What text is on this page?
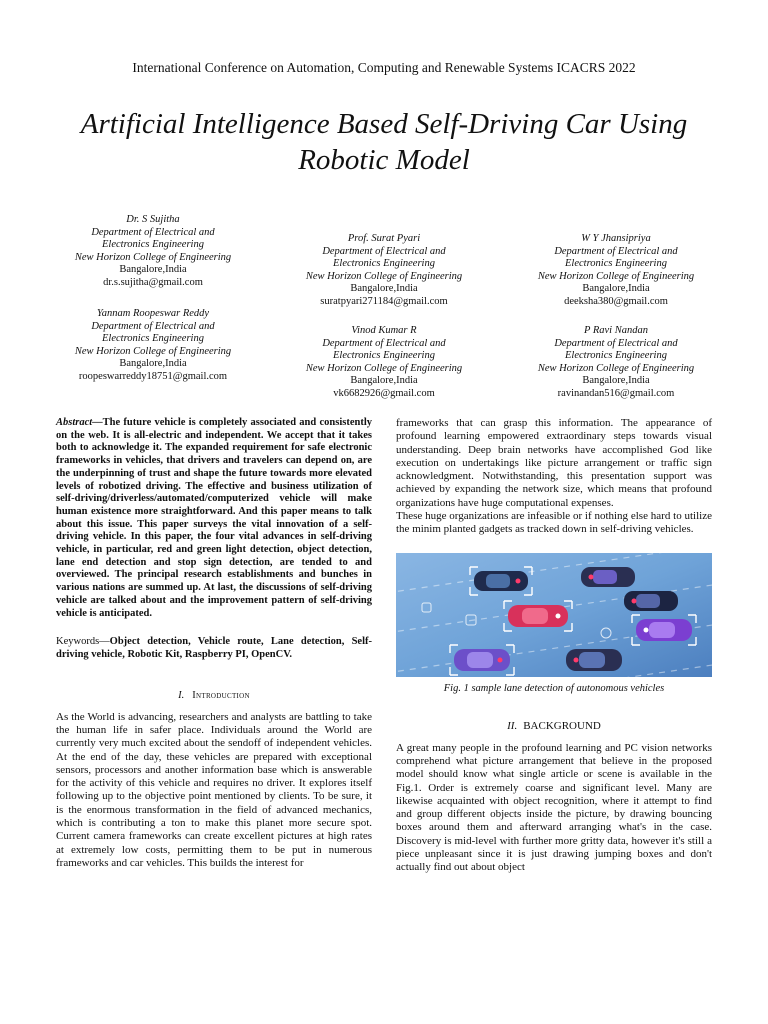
International Conference on Automation, Computing and Renewable Systems ICACRS 2022
Artificial Intelligence Based Self-Driving Car Using Robotic Model
Dr. S Sujitha
Department of Electrical and
Electronics Engineering
New Horizon College of Engineering
Bangalore,India
dr.s.sujitha@gmail.com
Yannam Roopeswar Reddy
Department of Electrical and
Electronics Engineering
New Horizon College of Engineering
Bangalore,India
roopeswarreddy18751@gmail.com
Prof. Surat Pyari
Department of Electrical and
Electronics Engineering
New Horizon College of Engineering
Bangalore,India
suratpyari271184@gmail.com
Vinod Kumar R
Department of Electrical and
Electronics Engineering
New Horizon College of Engineering
Bangalore,India
vk6682926@gmail.com
W Y Jhansipriya
Department of Electrical and
Electronics Engineering
New Horizon College of Engineering
Bangalore,India
deeksha380@gmail.com
P Ravi Nandan
Department of Electrical and
Electronics Engineering
New Horizon College of Engineering
Bangalore,India
ravinandan516@gmail.com

Abstract—The future vehicle is completely associated and consistently on the web. It is all-electric and independent. We accept that it takes both to acknowledge it. The expanded requirement for safe electronic frameworks in vehicles, that drivers and travelers can depend on, are the underpinning of trust and shape the future towards more elevated levels of robotized driving. The effective and business utilization of self-driving/driverless/automated/computerized vehicle will make human existence more straightforward. And this paper means to talk about this issue. This paper surveys the vital innovation of a self-driving vehicle. In this paper, the four vital advances in self-driving vehicle, in particular, red and green light detection, object detection, lane end detection and stop sign detection, are tended to and overviewed. The principal research establishments and bunches in various nations are summed up. At last, the discussions of self-driving vehicle are talked about and the improvement pattern of self-driving vehicle is anticipated.

Keywords—Object detection, Vehicle route, Lane detection, Self-driving vehicle, Robotic Kit, Raspberry PI, OpenCV.

I. Introduction

As the World is advancing, researchers and analysts are battling to take the human life in safer place. Individuals around the World are currently very much excited about the sendoff of independent vehicles. At the end of the day, these vehicles are prepared with exceptional sensors, processors and another information base which is answerable for the activity of this vehicle and requires no driver. It explores itself following up to the objective point mentioned by clients. To be sure, it is the enormous transformation in the field of advanced mechanics, which is contributing a ton to make this planet more secure spot. Current camera frameworks can create excellent pictures at high rates at extremely low costs, permitting them to be put in numerous frameworks and car vehicles. This builds the interest for

frameworks that can grasp this information. The appearance of profound learning empowered extraordinary steps towards visual understanding. Deep brain networks have accomplished God like execution on undertakings like picture arrangement or traffic sign acknowledgment. Notwithstanding, this presentation support was achieved by expanding the network size, which means that profound organizations have huge computational expenses.

These huge organizations are infeasible or if nothing else hard to utilize the minim planted gadgets as tracked down in self-driving vehicles.

Fig. 1 sample lane detection of autonomous vehicles

II. BACKGROUND

A great many people in the profound learning and PC vision networks comprehend what picture arrangement that believe in the proposed model should know what single article or scene is available in the Fig.1. Order is extremely coarse and significant level. Many are likewise acquainted with object recognition, where it attempt to find and group different objects inside the picture, by drawing bouncing boxes around them and afterward arranging what's in the case. Discovery is mid-level with further more gritty data, however it's still a piece unpleasant since it is just drawing jumping boxes and don't actually find out about object
